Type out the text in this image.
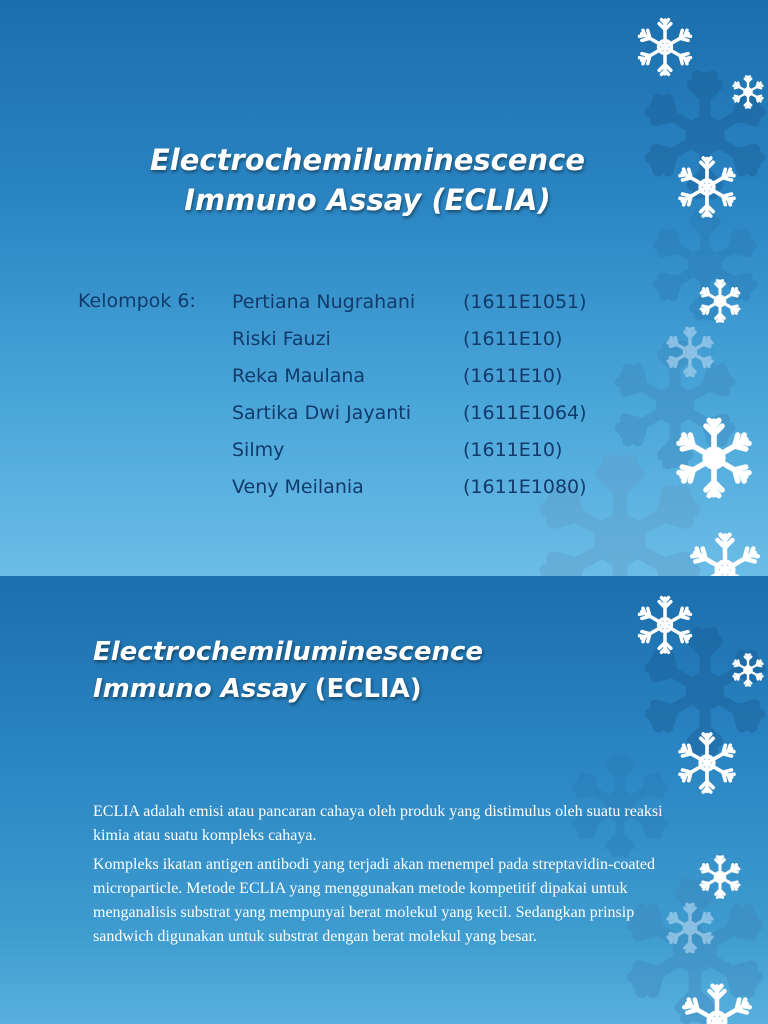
Electrochemiluminescence
Immuno Assay (ECLIA)
Kelompok 6: Pertiana Nugrahani	(1611E1051)
Riski Fauzi	(1611E10)
Reka Maulana	(1611E10)
Sartika Dwi Jayanti	(1611E1064)
Silmy	(1611E10)
Veny Meilania	(1611E1080)
Electrochemiluminescence
Immuno Assay (ECLIA)

ECLIA adalah emisi atau pancaran cahaya oleh produk yang distimulus oleh suatu reaksi kimia atau suatu kompleks cahaya.

Kompleks ikatan antigen antibodi yang terjadi akan menempel pada streptavidin-coated microparticle. Metode ECLIA yang menggunakan metode kompetitif dipakai untuk menganalisis substrat yang mempunyai berat molekul yang kecil. Sedangkan prinsip sandwich digunakan untuk substrat dengan berat molekul yang besar.
